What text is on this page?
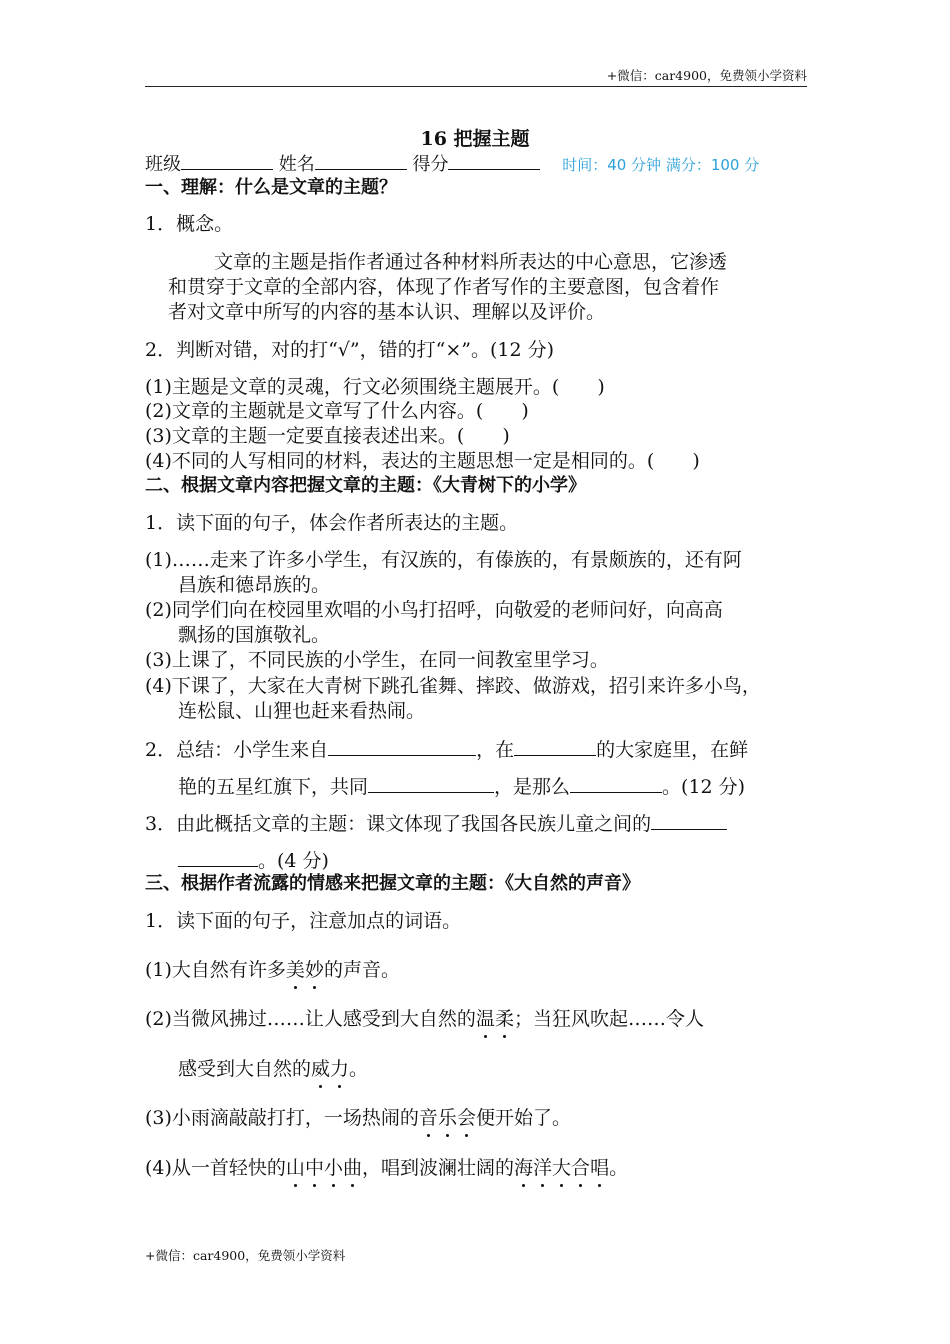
+微信：car4900，免费领小学资料
16 把握主题
班级	姓名	得分	时间：40 分钟 满分：100 分
一、理解：什么是文章的主题？
1．概念。
文章的主题是指作者通过各种材料所表达的中心意思，它渗透
和贯穿于文章的全部内容，体现了作者写作的主要意图，包含着作
者对文章中所写的内容的基本认识、理解以及评价。
2．判断对错，对的打“√”，错的打“×”。(12 分)
(1)主题是文章的灵魂，行文必须围绕主题展开。(　　)
(2)文章的主题就是文章写了什么内容。(　　)
(3)文章的主题一定要直接表述出来。(　　)
(4)不同的人写相同的材料，表达的主题思想一定是相同的。(　　)
二、根据文章内容把握文章的主题：《大青树下的小学》
1．读下面的句子，体会作者所表达的主题。
(1)……走来了许多小学生，有汉族的，有傣族的，有景颇族的，还有阿
昌族和德昂族的。
(2)同学们向在校园里欢唱的小鸟打招呼，向敬爱的老师问好，向高高
飘扬的国旗敬礼。
(3)上课了，不同民族的小学生，在同一间教室里学习。
(4)下课了，大家在大青树下跳孔雀舞、摔跤、做游戏，招引来许多小鸟，
连松鼠、山狸也赶来看热闹。
2．总结：小学生来自	，在	的大家庭里，在鲜
艳的五星红旗下，共同	，是那么	。(12 分)
3．由此概括文章的主题：课文体现了我国各民族儿童之间的
。(4 分)
三、根据作者流露的情感来把握文章的主题：《大自然的声音》
1．读下面的句子，注意加点的词语。
(1)大自然有许多美妙的声音。
(2)当微风拂过……让人感受到大自然的温柔；当狂风吹起……令人
感受到大自然的威力。
(3)小雨滴敲敲打打，一场热闹的音乐会便开始了。
(4)从一首轻快的山中小曲，唱到波澜壮阔的海洋大合唱。
+微信：car4900，免费领小学资料
